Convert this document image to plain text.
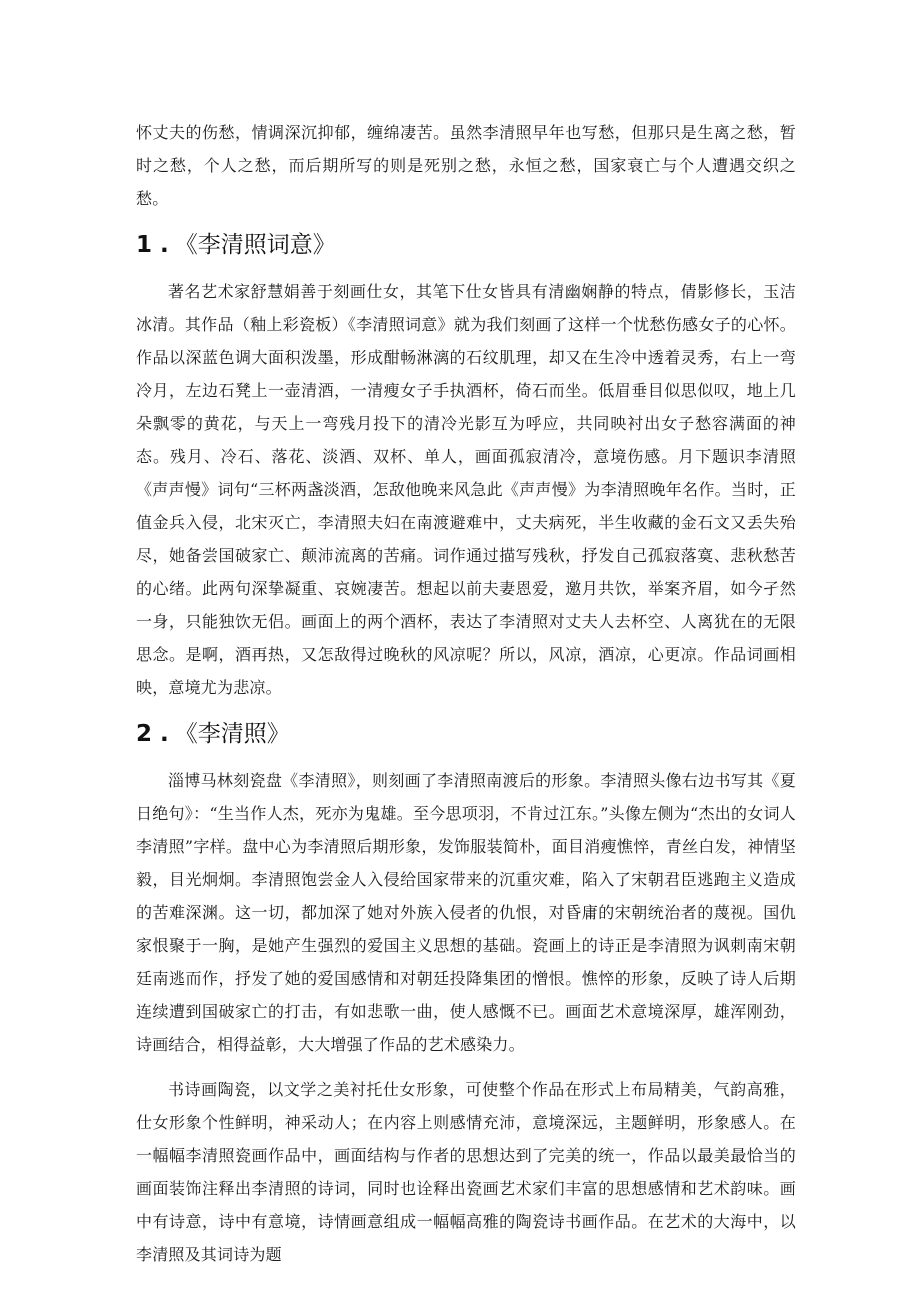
怀丈夫的伤愁，情调深沉抑郁，缠绵凄苦。虽然李清照早年也写愁，但那只是生离之愁，暂时之愁，个人之愁，而后期所写的则是死别之愁，永恒之愁，国家衰亡与个人遭遇交织之愁。

1 . 《李清照词意》

著名艺术家舒慧娟善于刻画仕女，其笔下仕女皆具有清幽娴静的特点，倩影修长，玉洁冰清。其作品（釉上彩瓷板）《李清照词意》就为我们刻画了这样一个忧愁伤感女子的心怀。作品以深蓝色调大面积泼墨，形成酣畅淋漓的石纹肌理，却又在生冷中透着灵秀，右上一弯冷月，左边石凳上一壶清酒，一清瘦女子手执酒杯，倚石而坐。低眉垂目似思似叹，地上几朵飘零的黄花，与天上一弯残月投下的清冷光影互为呼应，共同映衬出女子愁容满面的神态。残月、冷石、落花、淡酒、双杯、单人，画面孤寂清冷，意境伤感。月下题识李清照《声声慢》词句“三杯两盏淡酒，怎敌他晚来风急此《声声慢》为李清照晚年名作。当时，正值金兵入侵，北宋灭亡，李清照夫妇在南渡避难中，丈夫病死，半生收藏的金石文又丢失殆尽，她备尝国破家亡、颠沛流离的苦痛。词作通过描写残秋，抒发自己孤寂落寞、悲秋愁苦的心绪。此两句深挚凝重、哀婉凄苦。想起以前夫妻恩爱，邀月共饮，举案齐眉，如今孑然一身，只能独饮无侣。画面上的两个酒杯，表达了李清照对丈夫人去杯空、人离犹在的无限思念。是啊，酒再热，又怎敌得过晚秋的风凉呢？所以，风凉，酒凉，心更凉。作品词画相映，意境尤为悲凉。

2 . 《李清照》

淄博马林刻瓷盘《李清照》，则刻画了李清照南渡后的形象。李清照头像右边书写其《夏日绝句》：“生当作人杰，死亦为鬼雄。至今思项羽，不肯过江东。”头像左侧为“杰出的女词人李清照”字样。盘中心为李清照后期形象，发饰服装简朴，面目消瘦憔悴，青丝白发，神情坚毅，目光炯炯。李清照饱尝金人入侵给国家带来的沉重灾难，陷入了宋朝君臣逃跑主义造成的苦难深渊。这一切，都加深了她对外族入侵者的仇恨，对昏庸的宋朝统治者的蔑视。国仇家恨聚于一胸，是她产生强烈的爱国主义思想的基础。瓷画上的诗正是李清照为讽刺南宋朝廷南逃而作，抒发了她的爱国感情和对朝廷投降集团的憎恨。憔悴的形象，反映了诗人后期连续遭到国破家亡的打击，有如悲歌一曲，使人感慨不已。画面艺术意境深厚，雄浑刚劲，诗画结合，相得益彰，大大增强了作品的艺术感染力。

书诗画陶瓷，以文学之美衬托仕女形象，可使整个作品在形式上布局精美，气韵高雅，仕女形象个性鲜明，神采动人；在内容上则感情充沛，意境深远，主题鲜明，形象感人。在一幅幅李清照瓷画作品中，画面结构与作者的思想达到了完美的统一，作品以最美最恰当的画面装饰注释出李清照的诗词，同时也诠释出瓷画艺术家们丰富的思想感情和艺术韵味。画中有诗意，诗中有意境，诗情画意组成一幅幅高雅的陶瓷诗书画作品。在艺术的大海中，以李清照及其词诗为题
